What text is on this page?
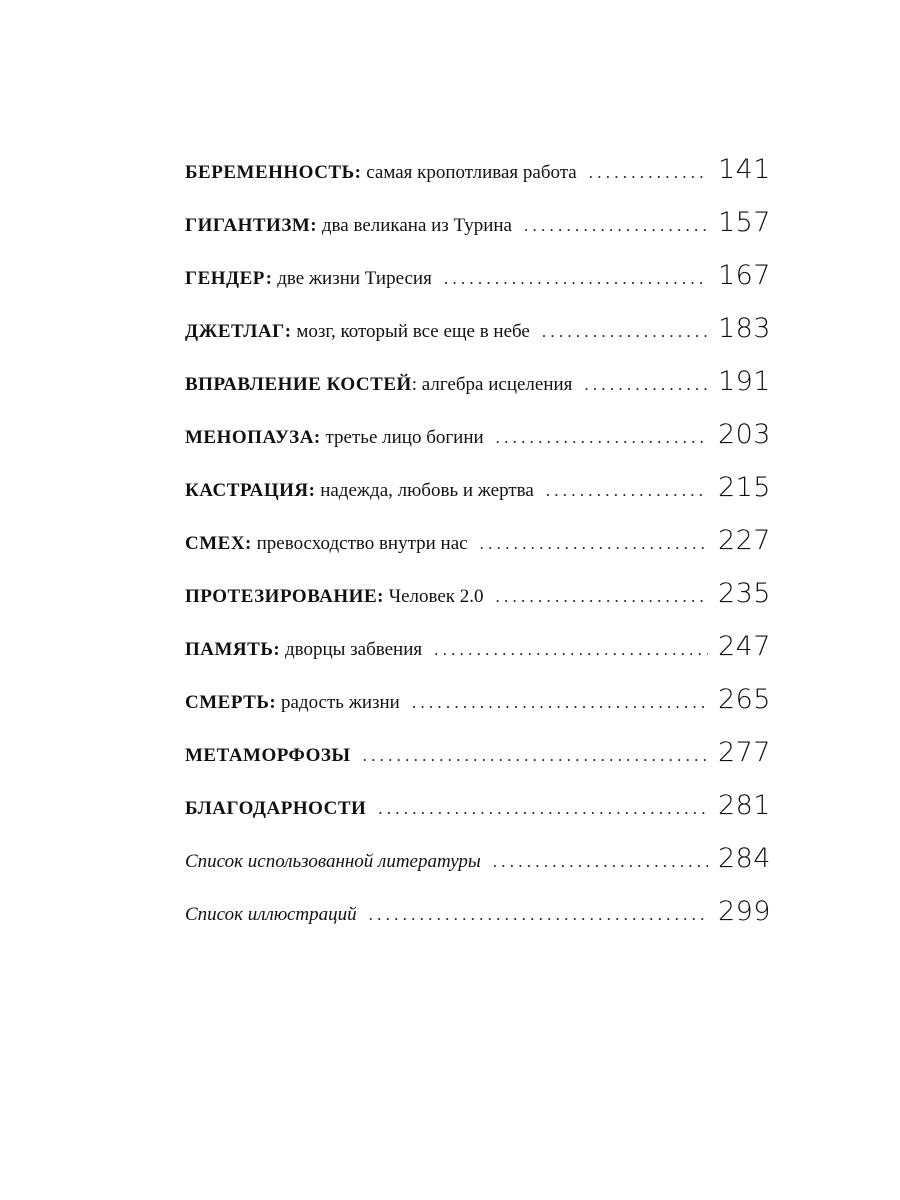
БЕРЕМЕННОСТЬ: самая кропотливая работа . . .	141
ГИГАНТИЗМ: два великана из Турина . . .	157
ГЕНДЕР: две жизни Тиресия . . .	167
ДЖЕТЛАГ: мозг, который все еще в небе . . .	183
ВПРАВЛЕНИЕ КОСТЕЙ: алгебра исцеления . . .	191
МЕНОПАУЗА: третье лицо богини . . .	203
КАСТРАЦИЯ: надежда, любовь и жертва . . .	215
СМЕХ: превосходство внутри нас . . .	227
ПРОТЕЗИРОВАНИЕ: Человек 2.0 . . .	235
ПАМЯТЬ: дворцы забвения . . .	247
СМЕРТЬ: радость жизни . . .	265
МЕТАМОРФОЗЫ . . .	277
БЛАГОДАРНОСТИ . . .	281
Список использованной литературы . . .	284
Список иллюстраций . . .	299
